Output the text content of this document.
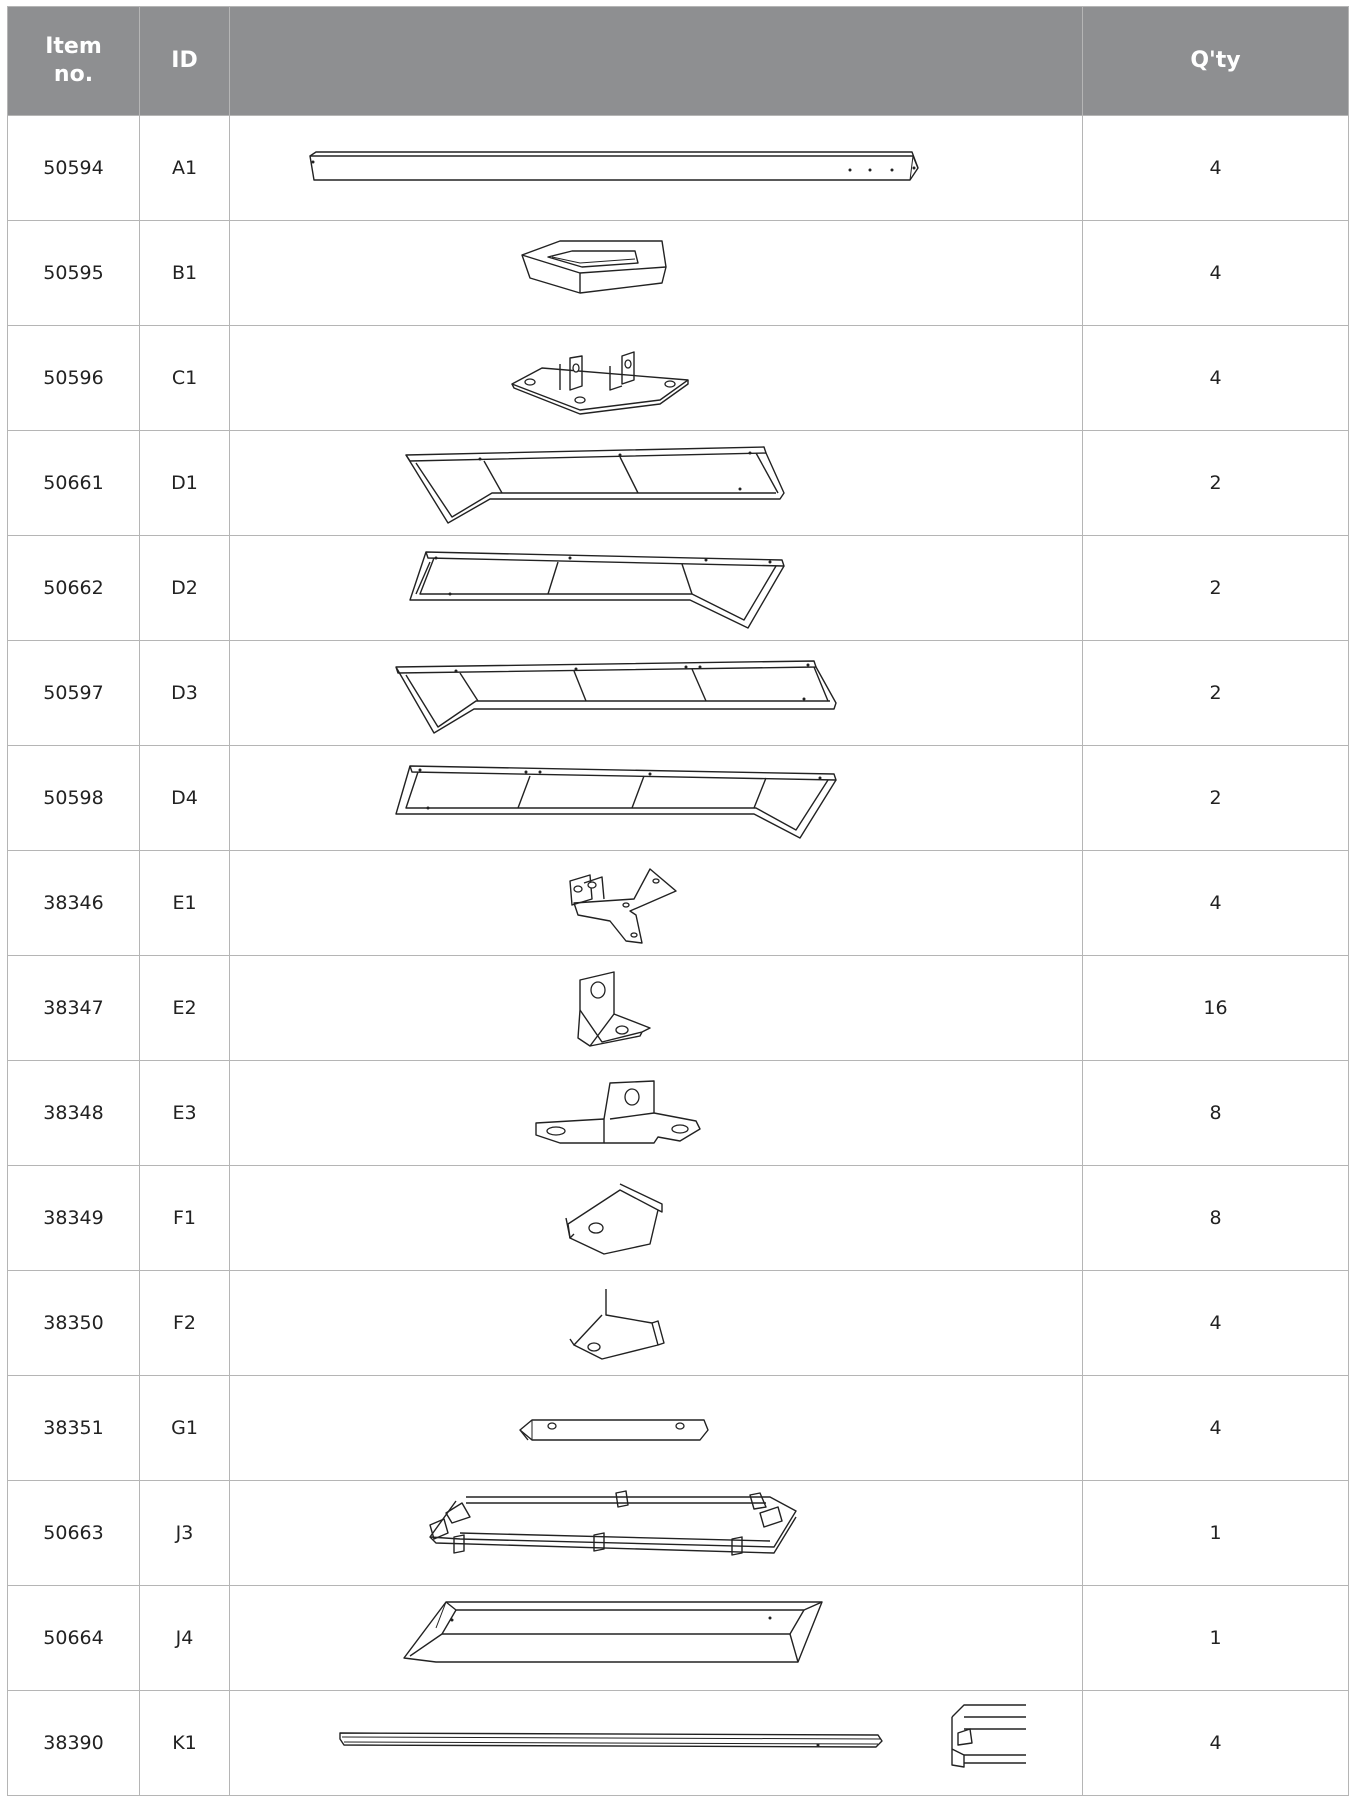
Item no.	ID		Q'ty
50594	A1		4
50595	B1		4
50596	C1		4
50661	D1		2
50662	D2		2
50597	D3		2
50598	D4		2
38346	E1		4
38347	E2		16
38348	E3		8
38349	F1		8
38350	F2		4
38351	G1		4
50663	J3		1
50664	J4		1
38390	K1		4
